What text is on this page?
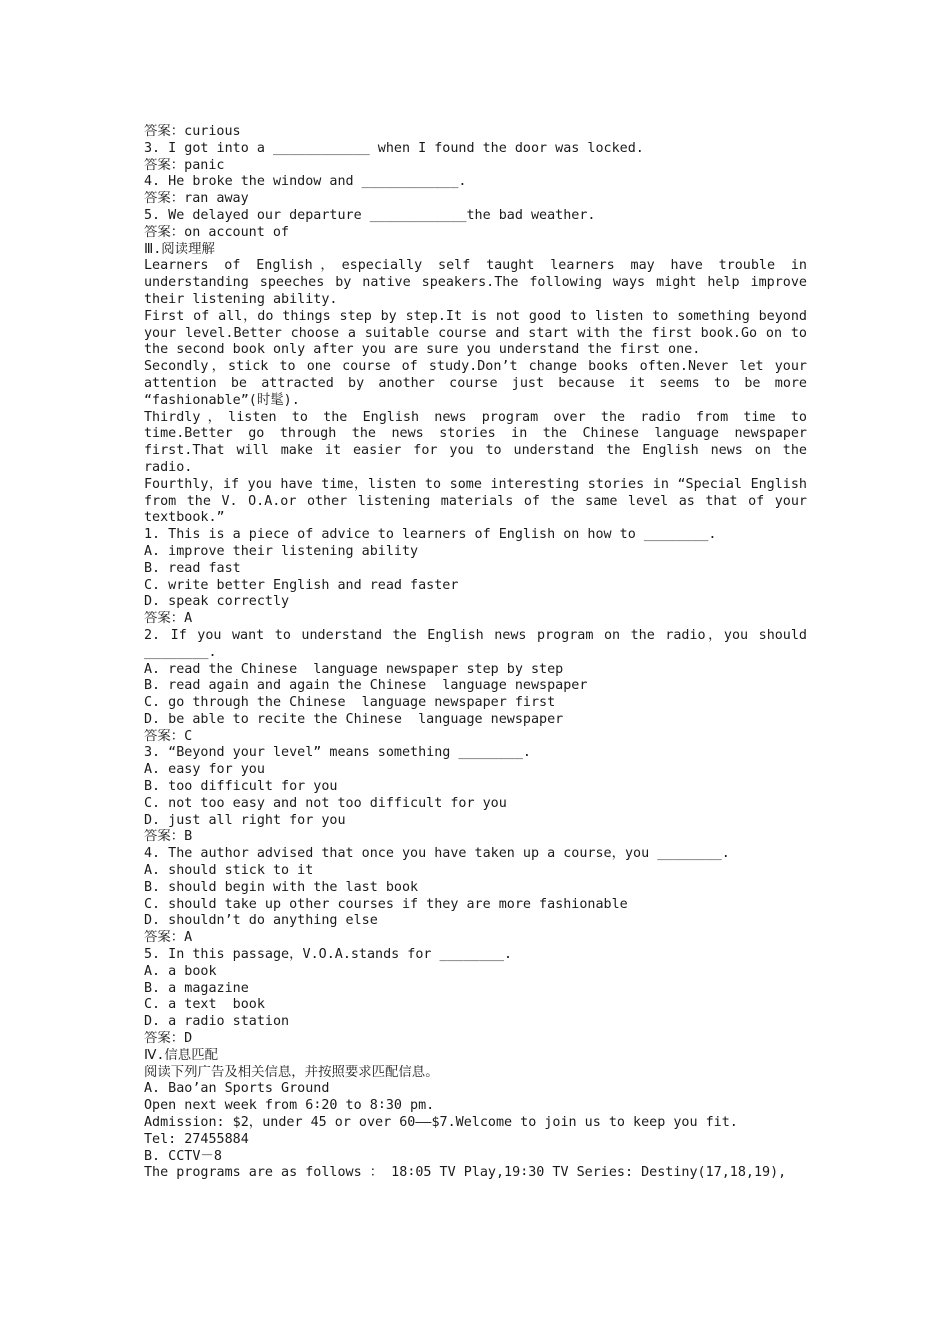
答案：curious
3. I got into a ____________ when I found the door was locked.
答案：panic
4. He broke the window and ____________.
答案：ran away
5. We delayed our departure ____________the bad weather.
答案：on account of
Ⅲ.阅读理解
Learners of English，especially self taught learners may have trouble in understanding speeches by native speakers.The following ways might help improve their listening ability.
First of all，do things step by step.It is not good to listen to something beyond your level.Better choose a suitable course and start with the first book.Go on to the second book only after you are sure you understand the first one.
Secondly，stick to one course of study.Don’t change books often.Never let your attention be attracted by another course just because it seems to be more “fashionable”(时髦).
Thirdly，listen to the English news program over the radio from time to time.Better go through the news stories in the Chinese language newspaper first.That will make it easier for you to understand the English news on the radio.
Fourthly，if you have time，listen to some interesting stories in “Special English from the V. O.A.or other listening materials of the same level as that of your textbook.”
1. This is a piece of advice to learners of English on how to ________.
A. improve their listening ability
B. read fast
C. write better English and read faster
D. speak correctly
答案：A
2. If you want to understand the English news program on the radio，you should ________.
A. read the Chinese  language newspaper step by step
B. read again and again the Chinese  language newspaper
C. go through the Chinese  language newspaper first
D. be able to recite the Chinese  language newspaper
答案：C
3. “Beyond your level” means something ________.
A. easy for you
B. too difficult for you
C. not too easy and not too difficult for you
D. just all right for you
答案：B
4. The author advised that once you have taken up a course，you ________.
A. should stick to it
B. should begin with the last book
C. should take up other courses if they are more fashionable
D. shouldn’t do anything else
答案：A
5. In this passage，V.O.A.stands for ________.
A. a book
B. a magazine
C. a text  book
D. a radio station
答案：D
Ⅳ.信息匹配
阅读下列广告及相关信息，并按照要求匹配信息。
A. Bao’an Sports Ground
Open next week from 6∶20 to 8∶30 pm.
Admission: $2，under 45 or over 60——$7.Welcome to join us to keep you fit.
Tel: 27455884
B. CCTV－8
The programs are as follows ： 18∶05 TV Play,19∶30 TV Series: Destiny(17,18,19),
